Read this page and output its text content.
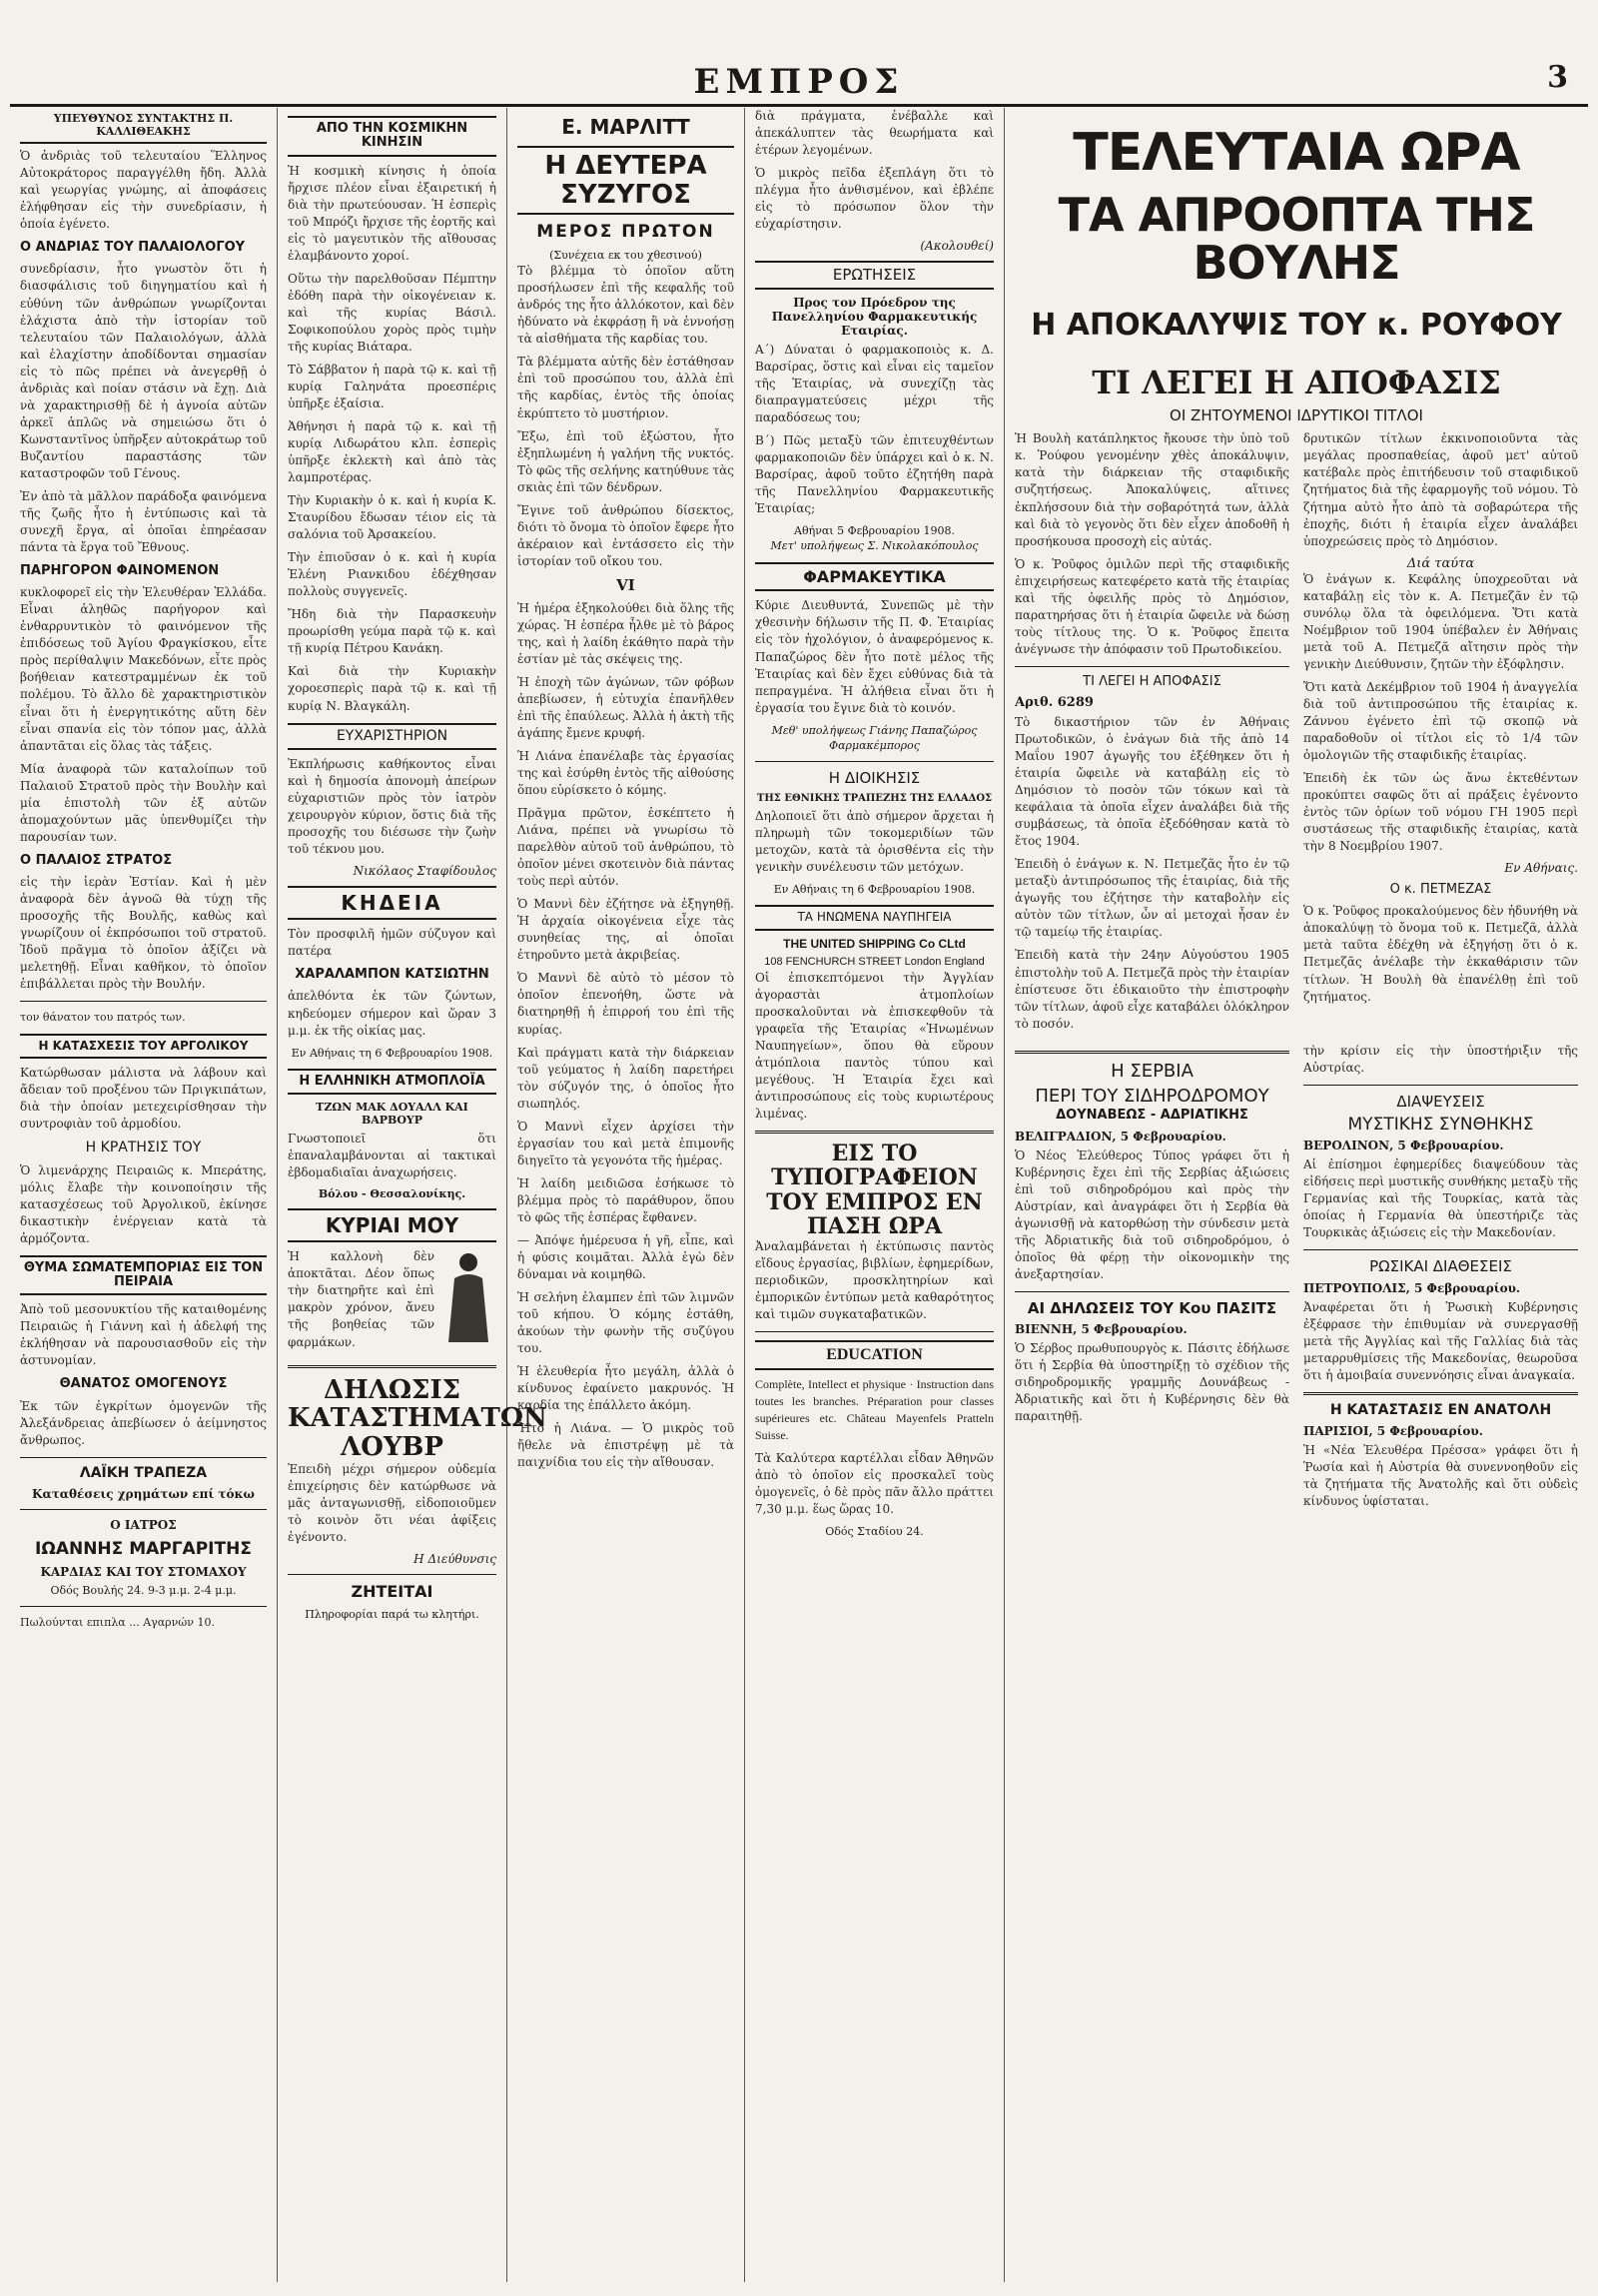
ΕΜΠΡΟΣ	3
ΥΠΕΥΘΥΝΟΣ ΣΥΝΤΑΚΤΗΣ Π. ΚΑΛΛΙΘΕΑΚΗΣ

Ὁ ἀνδριὰς τοῦ τελευταίου Ἕλληνος Αὐτοκράτορος παραγγέλθη ἤδη. Ἀλλὰ καὶ γεωργίας γνώμης, αἱ ἀποφάσεις ἐλήφθησαν εἰς τὴν συνεδρίασιν, ἡ ὁποία ἐγένετο.

Ο ΑΝΔΡΙΑΣ ΤΟΥ ΠΑΛΑΙΟΛΟΓΟΥ

συνεδρίασιν, ἧτο γνωστὸν ὅτι ἡ διασφάλισις τοῦ διηγηματίου καὶ ἡ εὐθύνη τῶν ἀνθρώπων γνωρίζονται ἐλάχιστα ἀπὸ τὴν ἱστορίαν τοῦ τελευταίου τῶν Παλαιολόγων, ἀλλὰ καὶ ἐλαχίστην ἀποδίδονται σημασίαν εἰς τὸ πῶς πρέπει νὰ ἀνεγερθῇ ὁ ἀνδριὰς καὶ ποίαν στάσιν νὰ ἔχῃ. Διὰ νὰ χαρακτηρισθῇ δὲ ἡ ἀγνοία αὐτῶν ἀρκεῖ ἁπλῶς νὰ σημειώσω ὅτι ὁ Κωνσταντῖνος ὑπῆρξεν αὐτοκράτωρ τοῦ Βυζαντίου παραστάσης τῶν καταστροφῶν τοῦ Γένους.

Ἐν ἀπὸ τὰ μᾶλλον παράδοξα φαινόμενα τῆς ζωῆς ἦτο ἡ ἐντύπωσις καὶ τὰ συνεχῆ ἔργα, αἱ ὁποῖαι ἐπηρέασαν πάντα τὰ ἔργα τοῦ Ἔθνους.

ΠΑΡΗΓΟΡΟΝ ΦΑΙΝΟΜΕΝΟΝ

κυκλοφορεῖ εἰς τὴν Ἐλευθέραν Ἑλλάδα. Εἶναι ἀληθῶς παρήγορον καὶ ἐνθαρρυντικὸν τὸ φαινόμενον τῆς ἐπιδόσεως τοῦ Ἀγίου Φραγκίσκου, εἶτε πρὸς περίθαλψιν Μακεδόνων, εἶτε πρὸς βοήθειαν κατεστραμμένων ἐκ τοῦ πολέμου. Τὸ ἄλλο δὲ χαρακτηριστικὸν εἶναι ὅτι ἡ ἐνεργητικότης αὕτη δὲν εἶναι σπανία εἰς τὸν τόπον μας, ἀλλὰ ἀπαντᾶται εἰς ὅλας τὰς τάξεις.

Μία ἀναφορὰ τῶν καταλοίπων τοῦ Παλαιοῦ Στρατοῦ πρὸς τὴν Βουλὴν καὶ μία ἐπιστολὴ τῶν ἐξ αὐτῶν ἀπομαχούντων μᾶς ὑπενθυμίζει τὴν παρουσίαν των.

Ο ΠΑΛΑΙΟΣ ΣΤΡΑΤΟΣ

εἰς τὴν ἱερὰν Ἑστίαν. Καὶ ἡ μὲν ἀναφορὰ δὲν ἀγνοῶ θὰ τύχῃ τῆς προσοχῆς τῆς Βουλῆς, καθὼς καὶ γνωρίζουν οἱ ἐκπρόσωποι τοῦ στρατοῦ. Ἰδοῦ πρᾶγμα τὸ ὁποῖον ἀξίζει νὰ μελετηθῇ. Εἶναι καθῆκον, τὸ ὁποῖον ἐπιβάλλεται πρὸς τὴν Βουλήν.

τον θάνατον του πατρός των.

Η ΚΑΤΑΣΧΕΣΙΣ ΤΟΥ ΑΡΓΟΛΙΚΟΥ

Κατώρθωσαν μάλιστα νὰ λάβουν καὶ ἄδειαν τοῦ προξένου τῶν Πριγκιπάτων, διὰ τὴν ὁποίαν μετεχειρίσθησαν τὴν συντροφιὰν τοῦ ἀρμοδίου.

Η ΚΡΑΤΗΣΙΣ ΤΟΥ

Ὁ λιμενάρχης Πειραιῶς κ. Μπεράτης, μόλις ἔλαβε τὴν κοινοποίησιν τῆς κατασχέσεως τοῦ Ἀργολικοῦ, ἐκίνησε δικαστικὴν ἐνέργειαν κατὰ τὰ ἀρμόζοντα.

ΘΥΜΑ ΣΩΜΑΤΕΜΠΟΡΙΑΣ ΕΙΣ ΤΟΝ ΠΕΙΡΑΙΑ

Ἀπὸ τοῦ μεσονυκτίου τῆς καταιθομένης Πειραιῶς ἡ Γιάννη καὶ ἡ ἀδελφή της ἐκλήθησαν νὰ παρουσιασθοῦν εἰς τὴν ἀστυνομίαν.

ΘΑΝΑΤΟΣ ΟΜΟΓΕΝΟΥΣ

Ἐκ τῶν ἐγκρίτων ὁμογενῶν τῆς Ἀλεξάνδρειας ἀπεβίωσεν ὁ ἀείμνηστος ἄνθρωπος.

ΛΑΪΚΗ ΤΡΑΠΕΖΑ
Καταθέσεις χρημάτων επί τόκω
Ο ΙΑΤΡΟΣ
ΙΩΑΝΝΗΣ ΜΑΡΓΑΡΙΤΗΣ
ΚΑΡΔΙΑΣ ΚΑΙ ΤΟΥ ΣΤΟΜΑΧΟΥ
Οδός Βουλής 24. 9-3 μ.μ. 2-4 μ.μ.

Πωλούνται επιπλα ... Αγαρνών 10.

ΑΠΟ ΤΗΝ ΚΟΣΜΙΚΗΝ ΚΙΝΗΣΙΝ

Ἡ κοσμικὴ κίνησις ἡ ὁποία ἤρχισε πλέον εἶναι ἐξαιρετική ἡ διὰ τὴν πρωτεύουσαν. Ἡ ἐσπερὶς τοῦ Μπρόζι ἤρχισε τῆς ἑορτῆς καὶ εἰς τὸ μαγευτικὸν τῆς αἴθουσας ἐλαμβάνοντο χοροί.

Οὕτω τὴν παρελθοῦσαν Πέμπτην ἐδόθη παρὰ τὴν οἰκογένειαν κ. καὶ τῆς κυρίας Βάσιλ. Σοφικοπούλου χορὸς πρὸς τιμὴν τῆς κυρίας Βιάταρα.

Τὸ Σάββατον ἡ παρὰ τῷ κ. καὶ τῇ κυρίᾳ Γαληνάτα προεσπέρις ὑπῆρξε ἐξαίσια.

Ἀθήνησι ἡ παρὰ τῷ κ. καὶ τῇ κυρίᾳ Λιδωράτου κλπ. ἐσπερὶς ὑπῆρξε ἐκλεκτὴ καὶ ἀπὸ τὰς λαμπροτέρας.

Τὴν Κυριακὴν ὁ κ. καὶ ἡ κυρία Κ. Σταυρίδου ἔδωσαν τέιον εἰς τὰ σαλόνια τοῦ Ἀρσακείου.

Τὴν ἐπιοῦσαν ὁ κ. καὶ ἡ κυρία Ἑλένη Ριανκιδου ἐδέχθησαν πολλοὺς συγγενεῖς.

Ἤδη διὰ τὴν Παρασκευὴν προωρίσθη γεύμα παρὰ τῷ κ. καὶ τῇ κυρίᾳ Πέτρου Κανάκη.

Καὶ διὰ τὴν Κυριακὴν χοροεσπερὶς παρὰ τῷ κ. καὶ τῇ κυρίᾳ Ν. Βλαγκάλη.

ΕΥΧΑΡΙΣΤΗΡΙΟΝ

Ἐκπλήρωσις καθήκοντος εἶναι καὶ ἡ δημοσία ἀπονομὴ ἀπείρων εὐχαριστιῶν πρὸς τὸν ἱατρὸν χειρουργὸν κύριον, ὅστις διὰ τῆς προσοχῆς του διέσωσε τὴν ζωὴν τοῦ τέκνου μου.

Νικόλαος Σταφίδουλος
ΚΗΔΕΙΑ

Τὸν προσφιλῆ ἡμῶν σύζυγον καὶ πατέρα

ΧΑΡΑΛΑΜΠΟΝ ΚΑΤΣΙΩΤΗΝ

ἀπελθόντα ἐκ τῶν ζώντων, κηδεύομεν σήμερον καὶ ὥραν 3 μ.μ. ἐκ τῆς οἰκίας μας.

Εν Αθήναις τη 6 Φεβρουαρίου 1908.
Η ΕΛΛΗΝΙΚΗ ΑΤΜΟΠΛΟΪΑ
ΤΖΩΝ ΜΑΚ ΔΟΥΑΛΛ ΚΑΙ ΒΑΡΒΟΥΡ

Γνωστοποιεῖ ὅτι ἐπαναλαμβάνονται αἱ τακτικαὶ ἐβδομαδιαῖαι ἀναχωρήσεις.

Βόλου - Θεσσαλονίκης.
ΚΥΡΙΑΙ ΜΟΥ

Ἡ καλλονὴ δὲν ἀποκτᾶται. Δέον ὅπως τὴν διατηρῆτε καὶ ἐπὶ μακρὸν χρόνον, ἄνευ τῆς βοηθείας τῶν φαρμάκων.

ΔΗΛΩΣΙΣ ΚΑΤΑΣΤΗΜΑΤΩΝ ΛΟΥΒΡ

Ἐπειδὴ μέχρι σήμερον οὐδεμία ἐπιχείρησις δὲν κατώρθωσε νὰ μᾶς ἀνταγωνισθῇ, εἰδοποιοῦμεν τὸ κοινὸν ὅτι νέαι ἀφίξεις ἐγένοντο.

Η Διεύθυνσις
ΖΗΤΕΙΤΑΙ
Πληροφορίαι παρά τω κλητήρι.
Ε. ΜΑΡΛΙΤΤ
Η ΔΕΥΤΕΡΑ ΣΥΖΥΓΟΣ
ΜΕΡΟΣ ΠΡΩΤΟΝ
(Συνέχεια εκ του χθεσινού)

Τὸ βλέμμα τὸ ὁποῖον αὕτη προσήλωσεν ἐπὶ τῆς κεφαλῆς τοῦ ἀνδρός της ἦτο ἀλλόκοτον, καὶ δὲν ἠδύνατο νὰ ἐκφράσῃ ἢ νὰ ἐννοήσῃ τὰ αἰσθήματα τῆς καρδίας του.

Τὰ βλέμματα αὐτῆς δὲν ἐστάθησαν ἐπὶ τοῦ προσώπου του, ἀλλὰ ἐπὶ τῆς καρδίας, ἐντὸς τῆς ὁποίας ἐκρύπτετο τὸ μυστήριον.

Ἔξω, ἐπὶ τοῦ ἐξώστου, ἦτο ἐξηπλωμένη ἡ γαλήνη τῆς νυκτός. Τὸ φῶς τῆς σελήνης κατηύθυνε τὰς σκιὰς ἐπὶ τῶν δένδρων.

Ἔγινε τοῦ ἀνθρώπου δίσεκτος, διότι τὸ ὄνομα τὸ ὁποῖον ἔφερε ἦτο ἀκέραιον καὶ ἐντάσσετο εἰς τὴν ἱστορίαν τοῦ οἴκου του.

VI

Ἡ ἡμέρα ἐξηκολούθει διὰ ὅλης τῆς χώρας. Ἡ ἑσπέρα ἦλθε μὲ τὸ βάρος της, καὶ ἡ λαίδη ἐκάθητο παρὰ τὴν ἑστίαν μὲ τὰς σκέψεις της.

Ἡ ἐποχὴ τῶν ἀγώνων, τῶν φόβων ἀπεβίωσεν, ἡ εὐτυχία ἐπανῆλθεν ἐπὶ τῆς ἐπαύλεως. Ἀλλὰ ἡ ἀκτὴ τῆς ἀγάπης ἔμενε κρυφή.

Ἡ Λιάνα ἐπανέλαβε τὰς ἐργασίας της καὶ ἐσύρθη ἐντὸς τῆς αἰθούσης ὅπου εὑρίσκετο ὁ κόμης.

Πρᾶγμα πρῶτον, ἐσκέπτετο ἡ Λιάνα, πρέπει νὰ γνωρίσω τὸ παρελθὸν αὐτοῦ τοῦ ἀνθρώπου, τὸ ὁποῖον μένει σκοτεινὸν διὰ πάντας τοὺς περὶ αὐτόν.

Ὁ Μαννὶ δὲν ἐζήτησε νὰ ἐξηγηθῇ. Ἡ ἀρχαία οἰκογένεια εἶχε τὰς συνηθείας της, αἱ ὁποῖαι ἐτηροῦντο μετὰ ἀκριβείας.

Ὁ Μαννὶ δὲ αὐτὸ τὸ μέσον τὸ ὁποῖον ἐπενοήθη, ὥστε νὰ διατηρηθῇ ἡ ἐπιρροή του ἐπὶ τῆς κυρίας.

Καὶ πράγματι κατὰ τὴν διάρκειαν τοῦ γεύματος ἡ λαίδη παρετήρει τὸν σύζυγόν της, ὁ ὁποῖος ἦτο σιωπηλός.

Ὁ Μαννὶ εἶχεν ἀρχίσει τὴν ἐργασίαν του καὶ μετὰ ἐπιμονῆς διηγεῖτο τὰ γεγονότα τῆς ἡμέρας.

Ἡ λαίδη μειδιῶσα ἐσήκωσε τὸ βλέμμα πρὸς τὸ παράθυρον, ὅπου τὸ φῶς τῆς ἑσπέρας ἔφθανεν.

— Ἀπόψε ἠμέρευσα ἡ γῆ, εἶπε, καὶ ἡ φύσις κοιμᾶται. Ἀλλὰ ἐγὼ δὲν δύναμαι νὰ κοιμηθῶ.

Ἡ σελήνη ἐλαμπεν ἐπὶ τῶν λιμνῶν τοῦ κήπου. Ὁ κόμης ἐστάθη, ἀκούων τὴν φωνὴν τῆς συζύγου του.

Ἡ ἐλευθερία ἦτο μεγάλη, ἀλλὰ ὁ κίνδυνος ἐφαίνετο μακρυνός. Ἡ καρδία της ἐπάλλετο ἀκόμη.

Ἦτο ἡ Λιάνα. — Ὁ μικρὸς τοῦ ἤθελε νὰ ἐπιστρέψῃ μὲ τὰ παιχνίδια του εἰς τὴν αἴθουσαν.

διὰ πράγματα, ἐνέβαλλε καὶ ἀπεκάλυπτεν τὰς θεωρήματα καὶ ἑτέρων λεγομένων.

Ὁ μικρὸς πεῖδα ἐξεπλάγη ὅτι τὸ πλέγμα ἦτο ἀνθισμένον, καὶ ἐβλέπε εἰς τὸ πρόσωπον ὅλον τὴν εὐχαρίστησιν.

(Ακολουθεί)
ΕΡΩΤΗΣΕΙΣ
Προς τον Πρόεδρον της Πανελληνίου Φαρμακευτικής Εταιρίας.

Α΄) Δύναται ὁ φαρμακοποιὸς κ. Δ. Βαρσίρας, ὅστις καὶ εἶναι εἰς ταμεῖον τῆς Ἑταιρίας, νὰ συνεχίζῃ τὰς διαπραγματεύσεις μέχρι τῆς παραδόσεως του;

Β΄) Πῶς μεταξὺ τῶν ἐπιτευχθέντων φαρμακοποιῶν δὲν ὑπάρχει καὶ ὁ κ. Ν. Βαρσίρας, ἀφοῦ τοῦτο ἐζητήθη παρὰ τῆς Πανελληνίου Φαρμακευτικῆς Ἑταιρίας;

Αθήναι 5 Φεβρουαρίου 1908.
Μετ' υπολήψεως Σ. Νικολακόπουλος
ΦΑΡΜΑΚΕΥΤΙΚΑ

Κύριε Διευθυντά, Συνεπῶς μὲ τὴν χθεσινὴν δήλωσιν τῆς Π. Φ. Ἑταιρίας εἰς τὸν ἠχολόγιον, ὁ ἀναφερόμενος κ. Παπαζώρος δὲν ἦτο ποτὲ μέλος τῆς Ἑταιρίας καὶ δὲν ἔχει εὐθύνας διὰ τὰ πεπραγμένα. Ἡ ἀλήθεια εἶναι ὅτι ἡ ἐργασία του ἔγινε διὰ τὸ κοινόν.

Μεθ' υπολήψεως Γιάνης Παπαζώρος Φαρμακέμπορος
Η ΔΙΟΙΚΗΣΙΣ
ΤΗΣ ΕΘΝΙΚΗΣ ΤΡΑΠΕΖΗΣ ΤΗΣ ΕΛΛΑΔΟΣ

Δηλοποιεῖ ὅτι ἀπὸ σήμερον ἄρχεται ἡ πληρωμὴ τῶν τοκομεριδίων τῶν μετοχῶν, κατὰ τὰ ὁρισθέντα εἰς τὴν γενικὴν συνέλευσιν τῶν μετόχων.

Εν Αθήναις τη 6 Φεβρουαρίου 1908.
ΤΑ ΗΝΩΜΕΝΑ ΝΑΥΠΗΓΕΙΑ
THE UNITED SHIPPING Co CLtd
108 FENCHURCH STREET London England

Οἱ ἐπισκεπτόμενοι τὴν Ἀγγλίαν ἀγοραστὰι ἀτμοπλοίων προσκαλοῦνται νὰ ἐπισκεφθοῦν τὰ γραφεῖα τῆς Ἑταιρίας «Ἡνωμένων Ναυπηγείων», ὅπου θὰ εὕρουν ἀτμόπλοια παντὸς τύπου καὶ μεγέθους. Ἡ Ἑταιρία ἔχει καὶ ἀντιπροσώπους εἰς τοὺς κυριωτέρους λιμένας.

ΕΙΣ ΤΟ ΤΥΠΟΓΡΑΦΕΙΟΝ ΤΟΥ ΕΜΠΡΟΣ ΕΝ ΠΑΣΗ ΩΡΑ

Ἀναλαμβάνεται ἡ ἐκτύπωσις παντὸς εἴδους ἐργασίας, βιβλίων, ἐφημερίδων, περιοδικῶν, προσκλητηρίων καὶ ἐμπορικῶν ἐντύπων μετὰ καθαρότητος καὶ τιμῶν συγκαταβατικῶν.

EDUCATION

Complète, Intellect et physique · Instruction dans toutes les branches. Préparation pour classes supérieures etc. Château Mayenfels Pratteln Suisse.

Τὰ Καλύτερα καρτέλλαι εἶδαν Ἀθηνῶν ἀπὸ τὸ ὁποῖον εἰς προσκαλεῖ τοὺς ὁμογενεῖς, ὁ δὲ πρὸς πᾶν ἄλλο πράττει 7,30 μ.μ. ἕως ὥρας 10.

Οδός Σταδίου 24.
ΤΕΛΕΥΤΑΙΑ ΩΡΑ
ΤΑ ΑΠΡΟΟΠΤΑ ΤΗΣ ΒΟΥΛΗΣ
Η ΑΠΟΚΑΛΥΨΙΣ ΤΟΥ κ. ΡΟΥΦΟΥ
ΤΙ ΛΕΓΕΙ Η ΑΠΟΦΑΣΙΣ
ΟΙ ΖΗΤΟΥΜΕΝΟΙ ΙΔΡΥΤΙΚΟΙ ΤΙΤΛΟΙ

Ἡ Βουλὴ κατάπληκτος ἤκουσε τὴν ὑπὸ τοῦ κ. Ῥούφου γενομένην χθὲς ἀποκάλυψιν, κατὰ τὴν διάρκειαν τῆς σταφιδικῆς συζητήσεως. Ἀποκαλύψεις, αἵτινες ἐκπλήσσουν διὰ τὴν σοβαρότητά των, ἀλλὰ καὶ διὰ τὸ γεγονὸς ὅτι δὲν εἶχεν ἀποδοθῆ ἡ προσήκουσα προσοχὴ εἰς αὐτάς.

Ὁ κ. Ῥοῦφος ὁμιλῶν περὶ τῆς σταφιδικῆς ἐπιχειρήσεως κατεφέρετο κατὰ τῆς ἑταιρίας καὶ τῆς ὀφειλῆς πρὸς τὸ Δημόσιον, παρατηρήσας ὅτι ἡ ἑταιρία ὤφειλε νὰ δώσῃ τοὺς τίτλους της. Ὁ κ. Ῥοῦφος ἔπειτα ἀνέγνωσε τὴν ἀπόφασιν τοῦ Πρωτοδικείου.

ΤΙ ΛΕΓΕΙ Η ΑΠΟΦΑΣΙΣ
Αριθ. 6289

Τὸ δικαστήριον τῶν ἐν Ἀθήναις Πρωτοδικῶν, ὁ ἐνάγων διὰ τῆς ἀπὸ 14 Μαΐου 1907 ἀγωγῆς του ἐξέθηκεν ὅτι ἡ ἑταιρία ὤφειλε νὰ καταβάλῃ εἰς τὸ Δημόσιον τὸ ποσὸν τῶν τόκων καὶ τὰ κεφάλαια τὰ ὁποῖα εἶχεν ἀναλάβει διὰ τῆς συμβάσεως, τὰ ὁποῖα ἐξεδόθησαν κατὰ τὸ ἔτος 1904.

Ἐπειδὴ ὁ ἐνάγων κ. Ν. Πετμεζᾶς ἦτο ἐν τῷ μεταξὺ ἀντιπρόσωπος τῆς ἑταιρίας, διὰ τῆς ἀγωγῆς του ἐζήτησε τὴν καταβολὴν εἰς αὐτὸν τῶν τίτλων, ὧν αἱ μετοχαὶ ἦσαν ἐν τῷ ταμείῳ τῆς ἑταιρίας.

Ἐπειδὴ κατὰ τὴν 24ην Αὐγούστου 1905 ἐπιστολὴν τοῦ Α. Πετμεζᾶ πρὸς τὴν ἑταιρίαν ἐπίστευσε ὅτι ἐδικαιοῦτο τὴν ἐπιστροφὴν τῶν τίτλων, ἀφοῦ εἶχε καταβάλει ὁλόκληρον τὸ ποσόν.

δρυτικῶν τίτλων ἐκκινοποιοῦντα τὰς μεγάλας προσπαθείας, ἀφοῦ μετ' αὐτοῦ κατέβαλε πρὸς ἐπιτήδευσιν τοῦ σταφιδικοῦ ζητήματος διὰ τῆς ἐφαρμογῆς τοῦ νόμου. Τὸ ζήτημα αὐτὸ ἦτο ἀπὸ τὰ σοβαρώτερα τῆς ἐποχῆς, διότι ἡ ἑταιρία εἶχεν ἀναλάβει ὑποχρεώσεις πρὸς τὸ Δημόσιον.

Διά ταύτα

Ὁ ἐνάγων κ. Κεφάλης ὑποχρεοῦται νὰ καταβάλῃ εἰς τὸν κ. Α. Πετμεζᾶν ἐν τῷ συνόλῳ ὅλα τὰ ὀφειλόμενα. Ὅτι κατὰ Νοέμβριον τοῦ 1904 ὑπέβαλεν ἐν Ἀθήναις μετὰ τοῦ Α. Πετμεζᾶ αἴτησιν πρὸς τὴν γενικὴν Διεύθυνσιν, ζητῶν τὴν ἐξόφλησιν.

Ὅτι κατὰ Δεκέμβριον τοῦ 1904 ἡ ἀναγγελία διὰ τοῦ ἀντιπροσώπου τῆς ἑταιρίας κ. Ζάννου ἐγένετο ἐπὶ τῷ σκοπῷ νὰ παραδοθοῦν οἱ τίτλοι εἰς τὸ 1/4 τῶν ὁμολογιῶν τῆς σταφιδικῆς ἑταιρίας.

Ἐπειδὴ ἐκ τῶν ὡς ἄνω ἐκτεθέντων προκύπτει σαφῶς ὅτι αἱ πράξεις ἐγένοντο ἐντὸς τῶν ὁρίων τοῦ νόμου ΓΗ 1905 περὶ συστάσεως τῆς σταφιδικῆς ἑταιρίας, κατὰ τὴν 8 Νοεμβρίου 1907.

Εν Αθήναις.
Ο κ. ΠΕΤΜΕΖΑΣ

Ὁ κ. Ῥοῦφος προκαλούμενος δὲν ἠδυνήθη νὰ ἀποκαλύψῃ τὸ ὄνομα τοῦ κ. Πετμεζᾶ, ἀλλὰ μετὰ ταῦτα ἐδέχθη νὰ ἐξηγήσῃ ὅτι ὁ κ. Πετμεζᾶς ἀνέλαβε τὴν ἐκκαθάρισιν τῶν τίτλων. Ἡ Βουλὴ θὰ ἐπανέλθῃ ἐπὶ τοῦ ζητήματος.

Η ΣΕΡΒΙΑ
ΠΕΡΙ ΤΟΥ ΣΙΔΗΡΟΔΡΟΜΟΥ
ΔΟΥΝΑΒΕΩΣ - ΑΔΡΙΑΤΙΚΗΣ
ΒΕΛΙΓΡΑΔΙΟΝ, 5 Φεβρουαρίου.

Ὁ Νέος Ἐλεύθερος Τύπος γράφει ὅτι ἡ Κυβέρνησις ἔχει ἐπὶ τῆς Σερβίας ἀξιώσεις ἐπὶ τοῦ σιδηροδρόμου καὶ πρὸς τὴν Αὐστρίαν, καὶ ἀναγράφει ὅτι ἡ Σερβία θὰ ἀγωνισθῇ νὰ κατορθώσῃ τὴν σύνδεσιν μετὰ τῆς Ἀδριατικῆς διὰ τοῦ σιδηροδρόμου, ὁ ὁποῖος θὰ φέρῃ τὴν οἰκονομικὴν της ἀνεξαρτησίαν.

ΑΙ ΔΗΛΩΣΕΙΣ ΤΟΥ Κου ΠΑΣΙΤΣ
ΒΙΕΝΝΗ, 5 Φεβρουαρίου.

Ὁ Σέρβος πρωθυπουργὸς κ. Πάσιτς ἐδήλωσε ὅτι ἡ Σερβία θὰ ὑποστηρίξῃ τὸ σχέδιον τῆς σιδηροδρομικῆς γραμμῆς Δουνάβεως - Ἀδριατικῆς καὶ ὅτι ἡ Κυβέρνησις δὲν θὰ παραιτηθῇ.

τὴν κρίσιν εἰς τὴν ὑποστήριξιν τῆς Αὐστρίας.

ΔΙΑΨΕΥΣΕΙΣ
ΜΥΣΤΙΚΗΣ ΣΥΝΘΗΚΗΣ
ΒΕΡΟΛΙΝΟΝ, 5 Φεβρουαρίου.

Αἱ ἐπίσημοι ἐφημερίδες διαψεύδουν τὰς εἰδήσεις περὶ μυστικῆς συνθήκης μεταξὺ τῆς Γερμανίας καὶ τῆς Τουρκίας, κατὰ τὰς ὁποίας ἡ Γερμανία θὰ ὑπεστήριζε τὰς Τουρκικὰς ἀξιώσεις εἰς τὴν Μακεδονίαν.

ΡΩΣΙΚΑΙ ΔΙΑΘΕΣΕΙΣ
ΠΕΤΡΟΥΠΟΛΙΣ, 5 Φεβρουαρίου.

Ἀναφέρεται ὅτι ἡ Ῥωσικὴ Κυβέρνησις ἐξέφρασε τὴν ἐπιθυμίαν νὰ συνεργασθῇ μετὰ τῆς Ἀγγλίας καὶ τῆς Γαλλίας διὰ τὰς μεταρρυθμίσεις τῆς Μακεδονίας, θεωροῦσα ὅτι ἡ ἀμοιβαία συνεννόησις εἶναι ἀναγκαία.

Η ΚΑΤΑΣΤΑΣΙΣ ΕΝ ΑΝΑΤΟΛΗ
ΠΑΡΙΣΙΟΙ, 5 Φεβρουαρίου.

Ἡ «Νέα Ἐλευθέρα Πρέσσα» γράφει ὅτι ἡ Ῥωσία καὶ ἡ Αὐστρία θὰ συνεννοηθοῦν εἰς τὰ ζητήματα τῆς Ἀνατολῆς καὶ ὅτι οὐδεὶς κίνδυνος ὑφίσταται.
